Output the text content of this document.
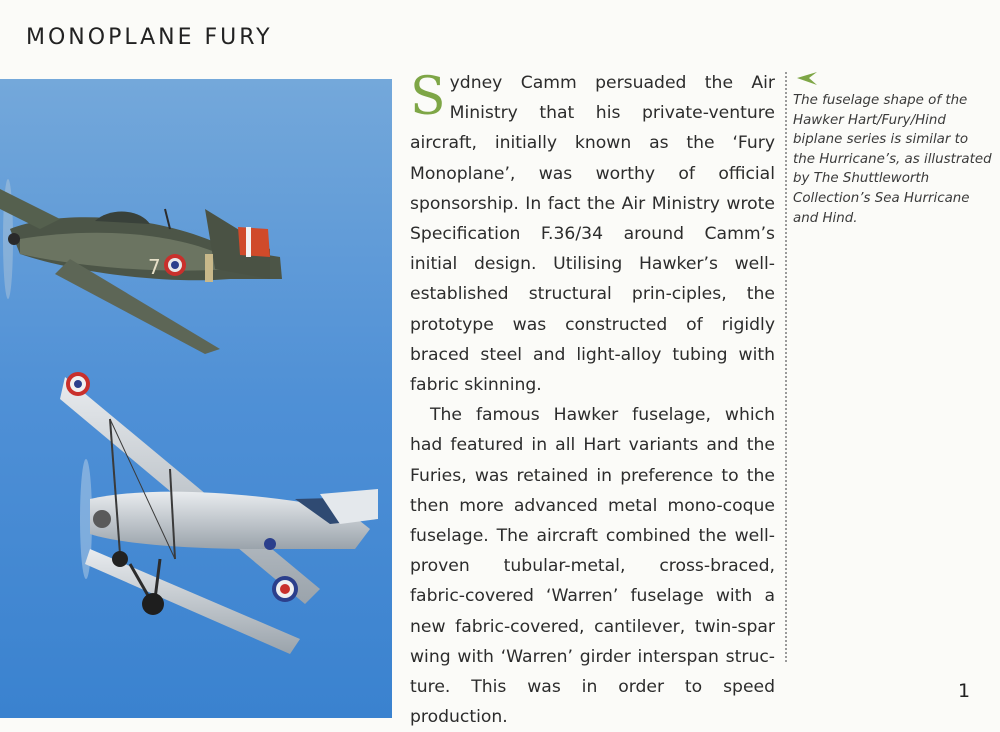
MONOPLANE FURY
7

Sydney Camm persuaded the Air Ministry that his private-venture aircraft, initially known as the ‘Fury Monoplane’, was worthy of official sponsorship. In fact the Air Ministry wrote Specification F.36/34 around Camm’s initial design. Utilising Hawker’s well-established structural prin-ciples, the prototype was constructed of rigidly braced steel and light-alloy tubing with fabric skinning.

The famous Hawker fuselage, which had featured in all Hart variants and the Furies, was retained in preference to the then more advanced metal mono-coque fuselage. The aircraft combined the well-proven tubular-metal, cross-braced, fabric-covered ‘Warren’ fuselage with a new fabric-covered, cantilever, twin-spar wing with ‘Warren’ girder interspan struc-ture. This was in order to speed production.

The fuselage shape of the Hawker Hart/Fury/Hind biplane series is similar to the Hurricane’s, as illustrated by The Shuttleworth Collection’s Sea Hurricane and Hind.

1
